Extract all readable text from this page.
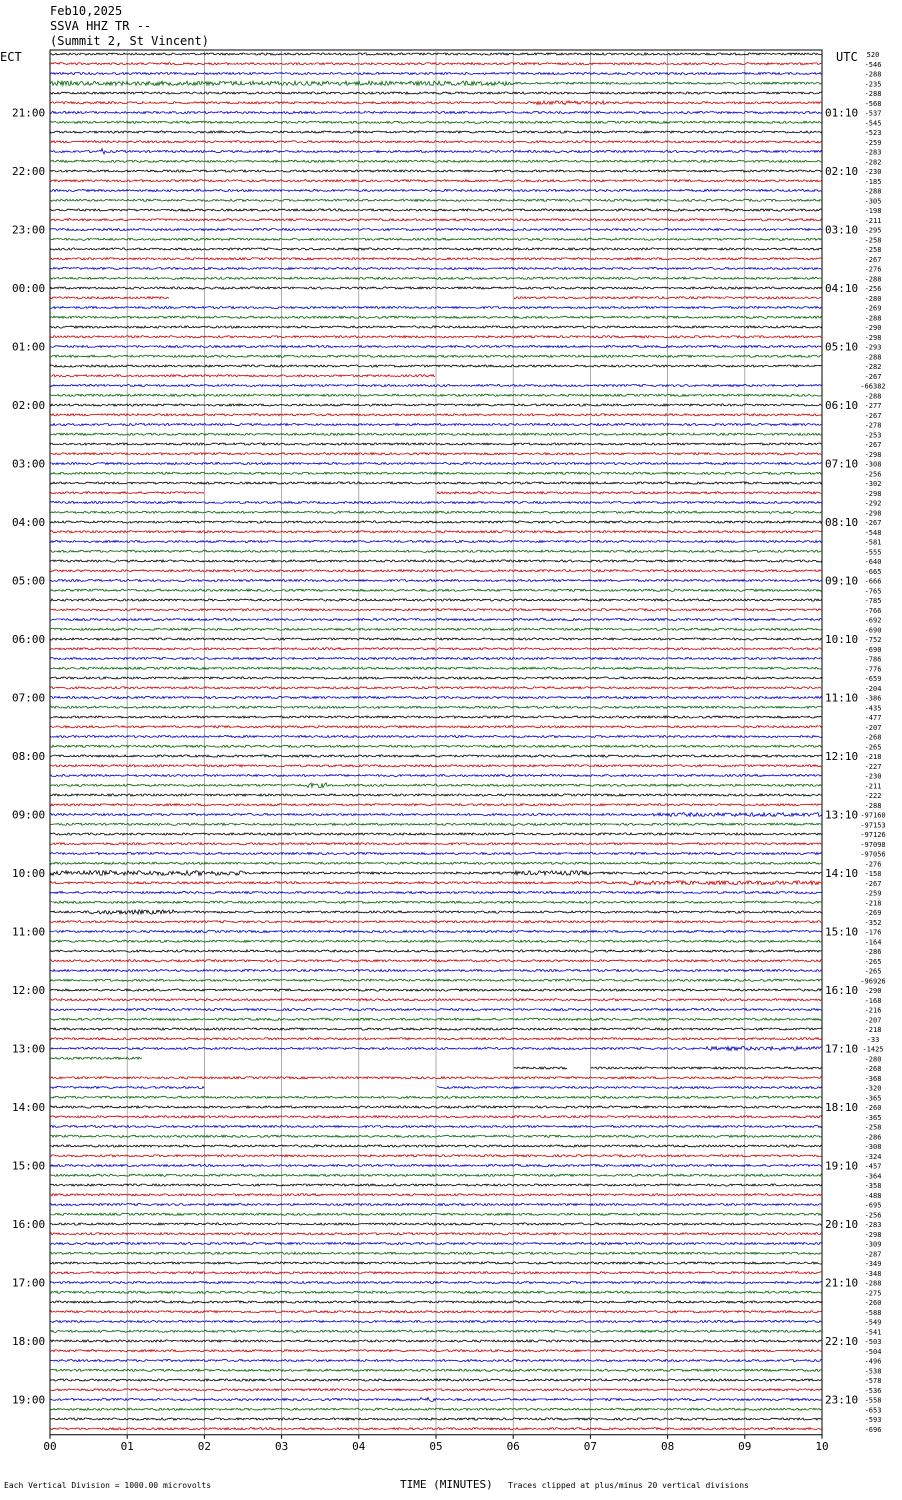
Feb10,2025
SSVA HHZ TR --
(Summit 2, St Vincent)
ECT	UTC 520
-546
-288
-235
-288
-568
-537
-545
-523
-259
-283
-282
-230
-185
-288
-305
-198
-211
-295
-258
-258
-267
-276
-288
-256
-280
-269
-288
-290
-298
-293
-288
-282
-267
-66382
-288
-277
-267
-278
-253
-267
-298
-308
-256
-302
-298
-292
-298
-267
-548
-581
-555
-640
-665
-666
-765
-785
-766
-692
-690
-752
-690
-786
-776
-659
-204
-386
-435
-477
-207
-268
-265
-218
-227
-230
-211
-222
-288
-97160
-97153
-97126
-97098
-97056
-276
-158
-267
-259
-218
-269
-352
-176
-164
-286
-265
-265
-96926
-290
-168
-216
-207
-218
-33
-1425
-280
-268
-368
-320
-365
-260
-365
-258
-286
-308
-324
-457
-364
-358
-488
-695
-256
-283
-298
-309
-287
-349
-348
-288
-275
-260
-588
-549
-541
-503
-504
-496
-538
-578
-536
-558
-653
-593
-696
21:00	01:10
22:00	02:10
23:00	03:10
00:00	04:10
01:00	05:10
02:00	06:10
03:00	07:10
04:00	08:10
05:00	09:10
06:00	10:10
07:00	11:10
08:00	12:10
09:00	13:10
10:00	14:10
11:00	15:10
12:00	16:10
13:00	17:10
14:00	18:10
15:00	19:10
16:00	20:10
17:00	21:10
18:00	22:10
19:00	23:10
00	01	02	03	04	05	06	07	08	09	10
Each Vertical Division = 1000.00 microvolts	TIME (MINUTES) Traces clipped at plus/minus 20 vertical divisions
